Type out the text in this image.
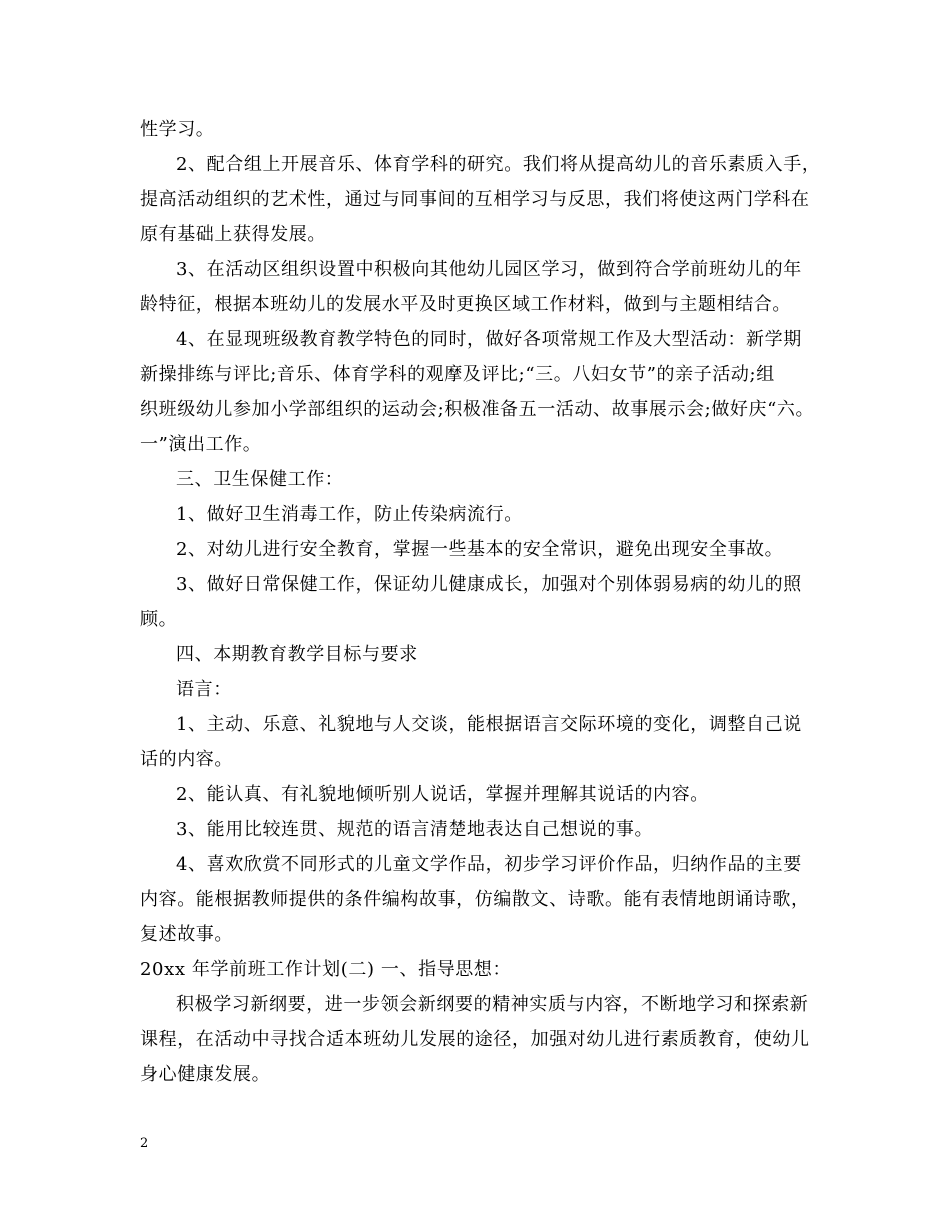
性学习。
2、配合组上开展音乐、体育学科的研究。我们将从提高幼儿的音乐素质入手，
提高活动组织的艺术性，通过与同事间的互相学习与反思，我们将使这两门学科在
原有基础上获得发展。
3、在活动区组织设置中积极向其他幼儿园区学习，做到符合学前班幼儿的年
龄特征，根据本班幼儿的发展水平及时更换区域工作材料，做到与主题相结合。
4、在显现班级教育教学特色的同时，做好各项常规工作及大型活动：新学期
新操排练与评比;音乐、体育学科的观摩及评比;“三。八妇女节”的亲子活动;组
织班级幼儿参加小学部组织的运动会;积极准备五一活动、故事展示会;做好庆“六。
一”演出工作。
三、卫生保健工作：
1、做好卫生消毒工作，防止传染病流行。
2、对幼儿进行安全教育，掌握一些基本的安全常识，避免出现安全事故。
3、做好日常保健工作，保证幼儿健康成长，加强对个别体弱易病的幼儿的照
顾。
四、本期教育教学目标与要求
语言：
1、主动、乐意、礼貌地与人交谈，能根据语言交际环境的变化，调整自己说
话的内容。
2、能认真、有礼貌地倾听别人说话，掌握并理解其说话的内容。
3、能用比较连贯、规范的语言清楚地表达自己想说的事。
4、喜欢欣赏不同形式的儿童文学作品，初步学习评价作品，归纳作品的主要
内容。能根据教师提供的条件编构故事，仿编散文、诗歌。能有表情地朗诵诗歌，
复述故事。
20xx 年学前班工作计划(二) 一、指导思想：
积极学习新纲要，进一步领会新纲要的精神实质与内容，不断地学习和探索新
课程，在活动中寻找合适本班幼儿发展的途径，加强对幼儿进行素质教育，使幼儿
身心健康发展。
2
